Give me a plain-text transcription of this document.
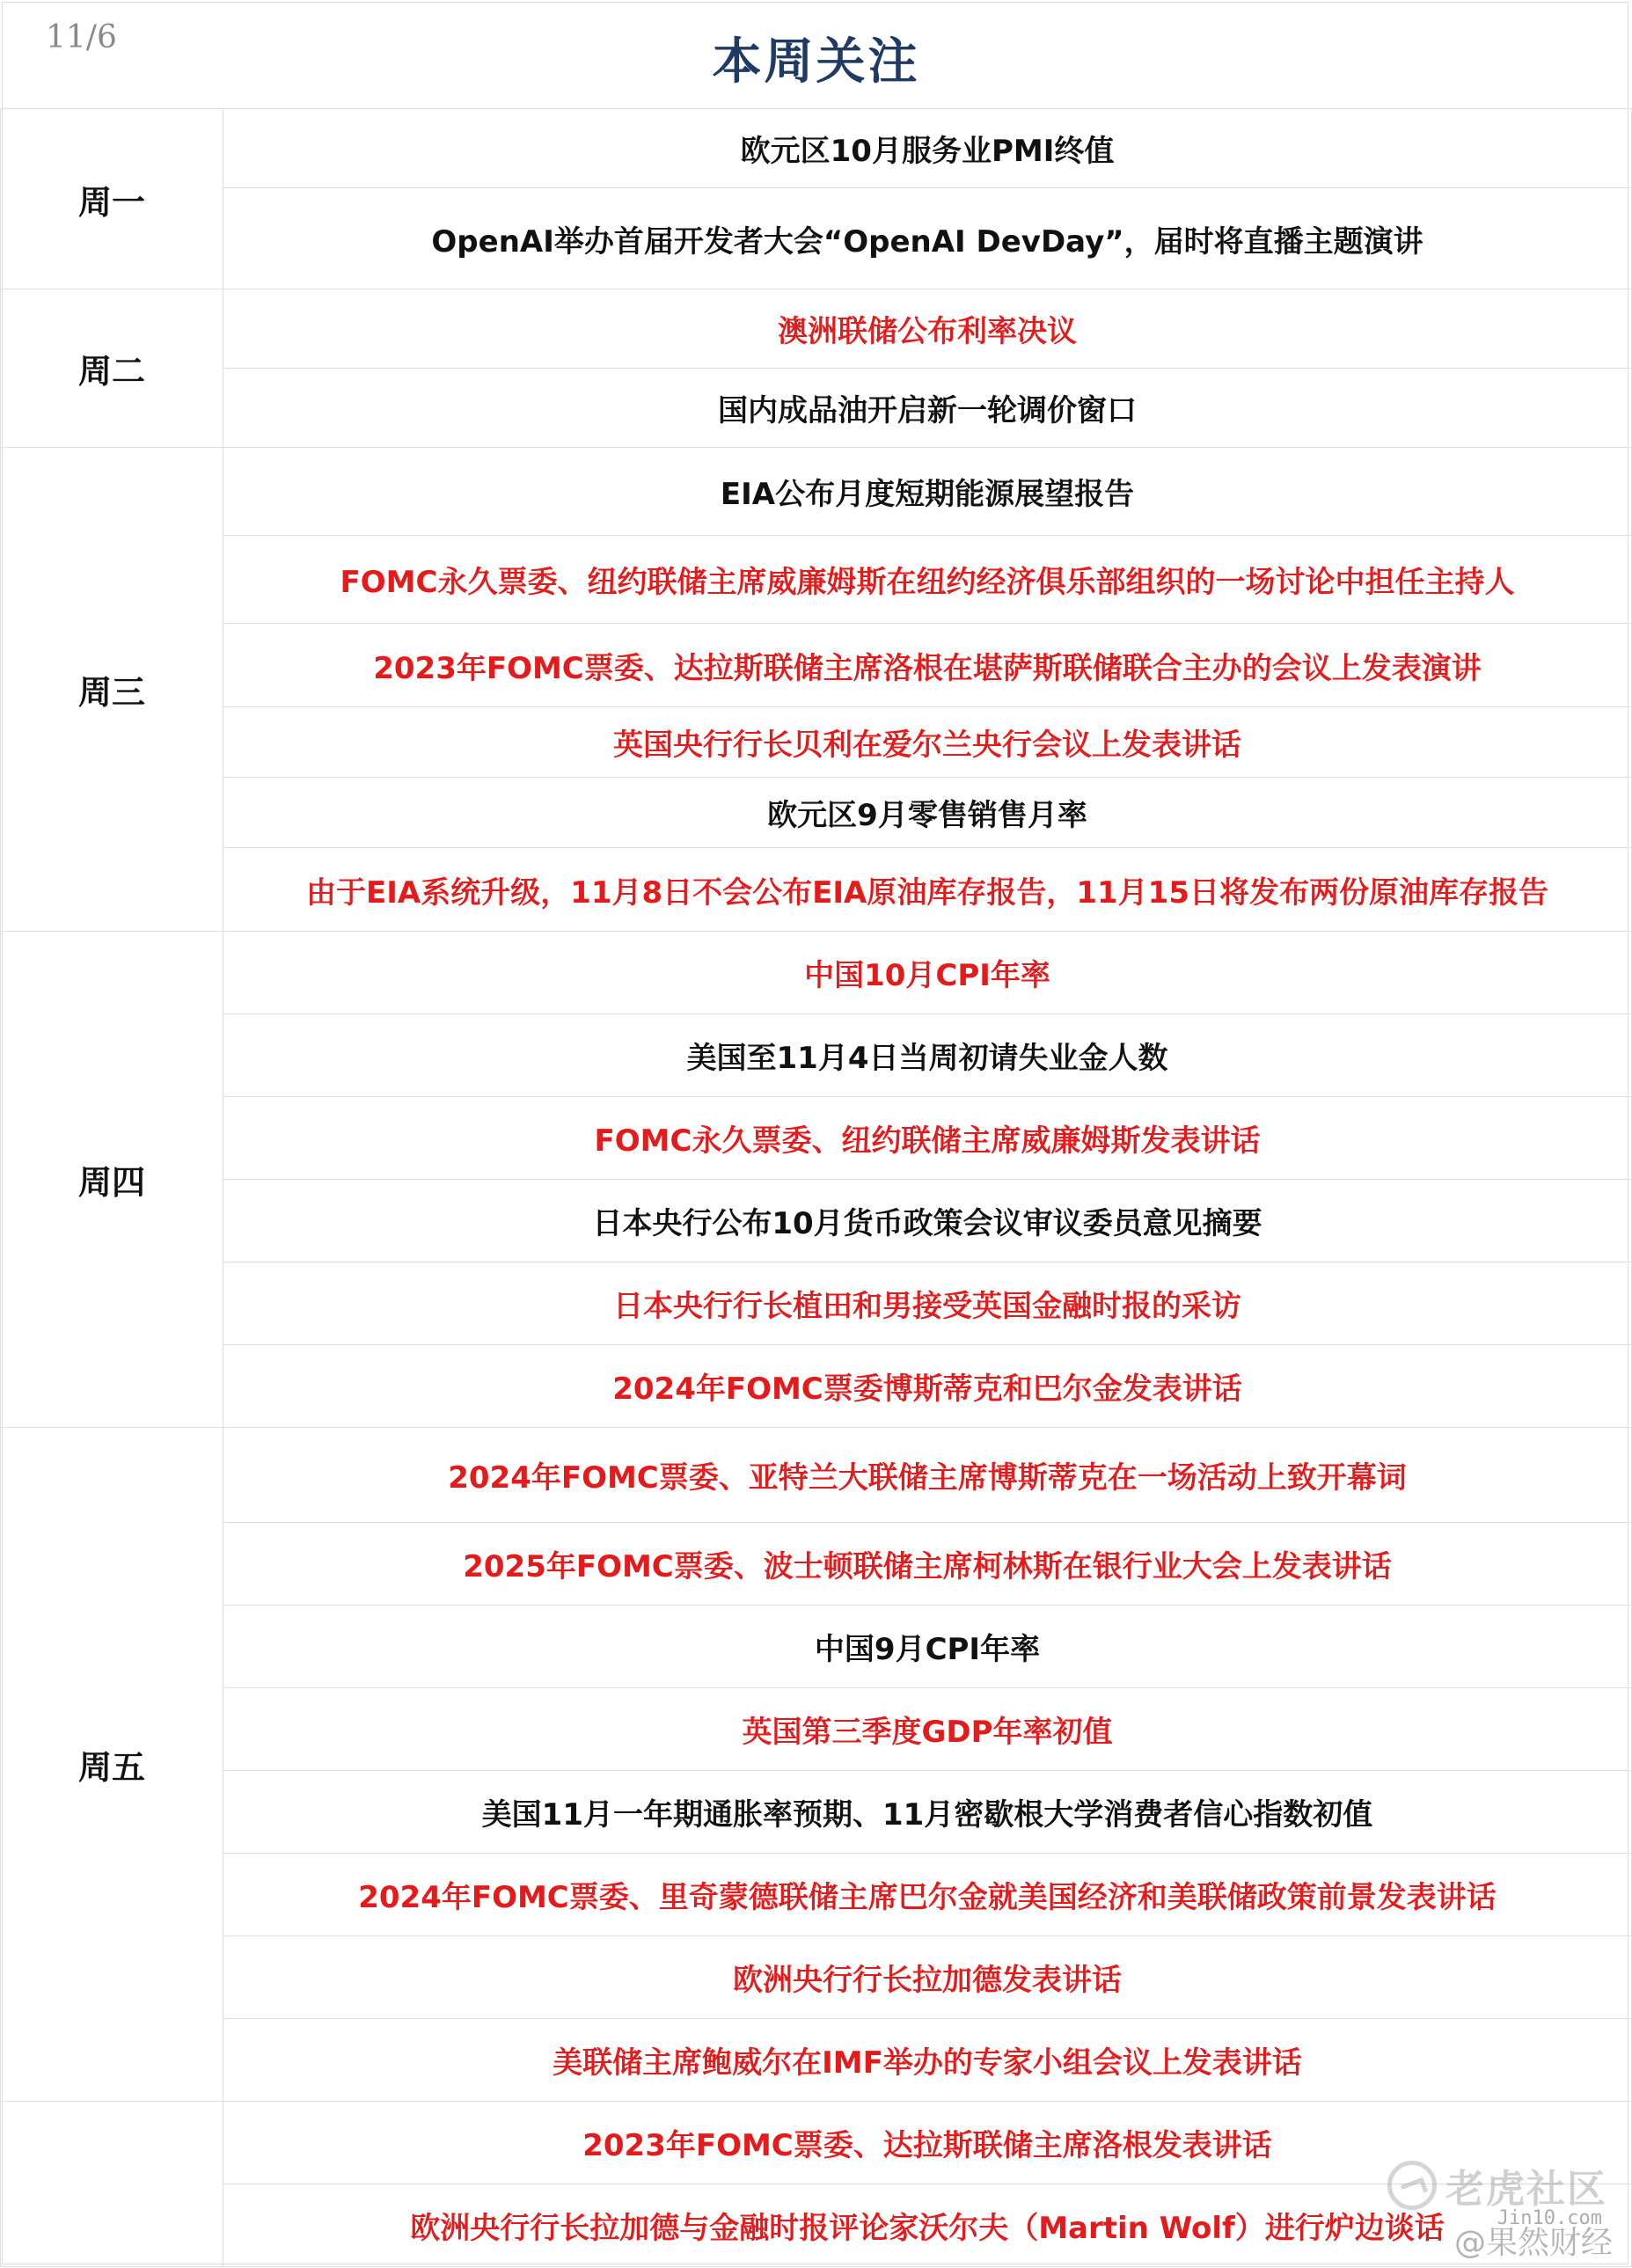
11/6	本周关注
周一	欧元区10月服务业PMI终值
	OpenAI举办首届开发者大会“OpenAI DevDay”，届时将直播主题演讲
周二	澳洲联储公布利率决议
	国内成品油开启新一轮调价窗口
周三	EIA公布月度短期能源展望报告
	FOMC永久票委、纽约联储主席威廉姆斯在纽约经济俱乐部组织的一场讨论中担任主持人
	2023年FOMC票委、达拉斯联储主席洛根在堪萨斯联储联合主办的会议上发表演讲
	英国央行行长贝利在爱尔兰央行会议上发表讲话
	欧元区9月零售销售月率
	由于EIA系统升级，11月8日不会公布EIA原油库存报告，11月15日将发布两份原油库存报告
周四	中国10月CPI年率
	美国至11月4日当周初请失业金人数
	FOMC永久票委、纽约联储主席威廉姆斯发表讲话
	日本央行公布10月货币政策会议审议委员意见摘要
	日本央行行长植田和男接受英国金融时报的采访
	2024年FOMC票委博斯蒂克和巴尔金发表讲话
周五	2024年FOMC票委、亚特兰大联储主席博斯蒂克在一场活动上致开幕词
	2025年FOMC票委、波士顿联储主席柯林斯在银行业大会上发表讲话
	中国9月CPI年率
	英国第三季度GDP年率初值
	美国11月一年期通胀率预期、11月密歇根大学消费者信心指数初值
	2024年FOMC票委、里奇蒙德联储主席巴尔金就美国经济和美联储政策前景发表讲话
	欧洲央行行长拉加德发表讲话
	美联储主席鲍威尔在IMF举办的专家小组会议上发表讲话
	2023年FOMC票委、达拉斯联储主席洛根发表讲话
	欧洲央行行长拉加德与金融时报评论家沃尔夫（Martin Wolf）进行炉边谈话
老虎社区
Jin10.com
@果然财经
